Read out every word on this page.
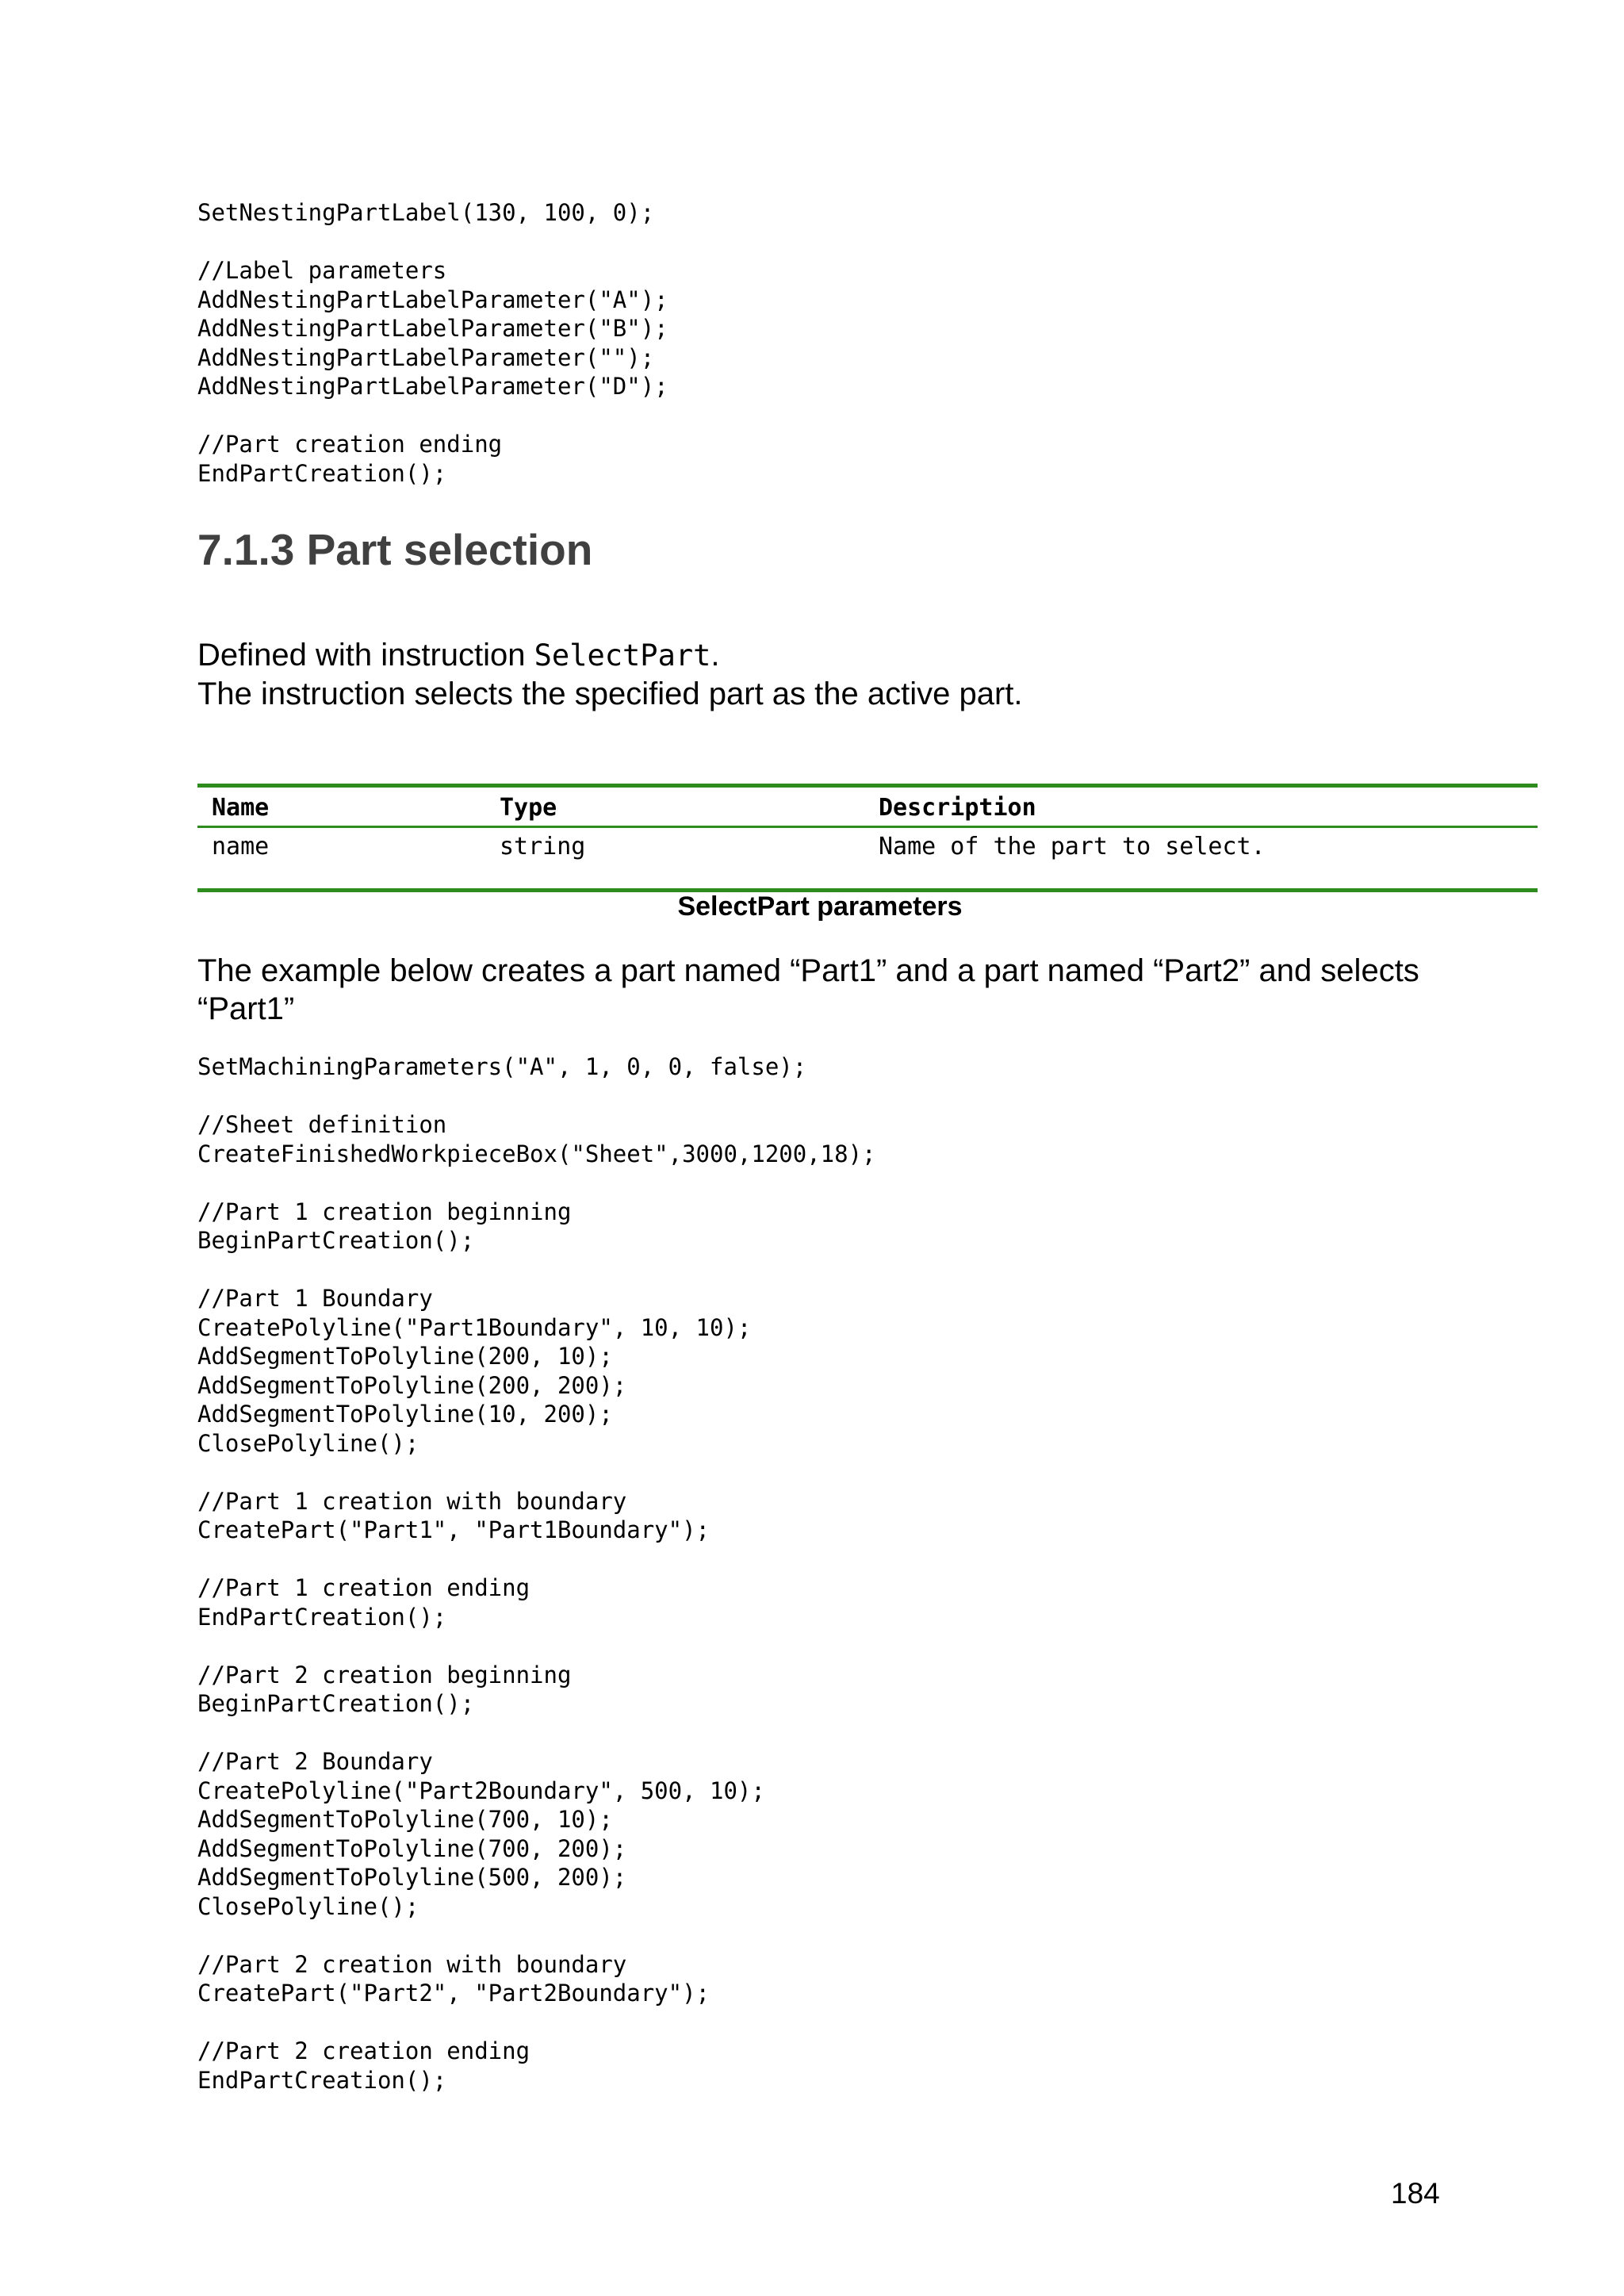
SetNestingPartLabel(130, 100, 0);

//Label parameters
AddNestingPartLabelParameter("A");
AddNestingPartLabelParameter("B");
AddNestingPartLabelParameter("");
AddNestingPartLabelParameter("D");

//Part creation ending
EndPartCreation();
7.1.3 Part selection

Defined with instruction SelectPart.
The instruction selects the specified part as the active part.

Name	Type	Description
name	string	Name of the part to select.

SelectPart parameters

The example below creates a part named “Part1” and a part named “Part2” and selects “Part1”

SetMachiningParameters("A", 1, 0, 0, false);

//Sheet definition
CreateFinishedWorkpieceBox("Sheet",3000,1200,18);

//Part 1 creation beginning
BeginPartCreation();

//Part 1 Boundary
CreatePolyline("Part1Boundary", 10, 10);
AddSegmentToPolyline(200, 10);
AddSegmentToPolyline(200, 200);
AddSegmentToPolyline(10, 200);
ClosePolyline();

//Part 1 creation with boundary
CreatePart("Part1", "Part1Boundary");

//Part 1 creation ending
EndPartCreation();

//Part 2 creation beginning
BeginPartCreation();

//Part 2 Boundary
CreatePolyline("Part2Boundary", 500, 10);
AddSegmentToPolyline(700, 10);
AddSegmentToPolyline(700, 200);
AddSegmentToPolyline(500, 200);
ClosePolyline();

//Part 2 creation with boundary
CreatePart("Part2", "Part2Boundary");

//Part 2 creation ending
EndPartCreation();

184
